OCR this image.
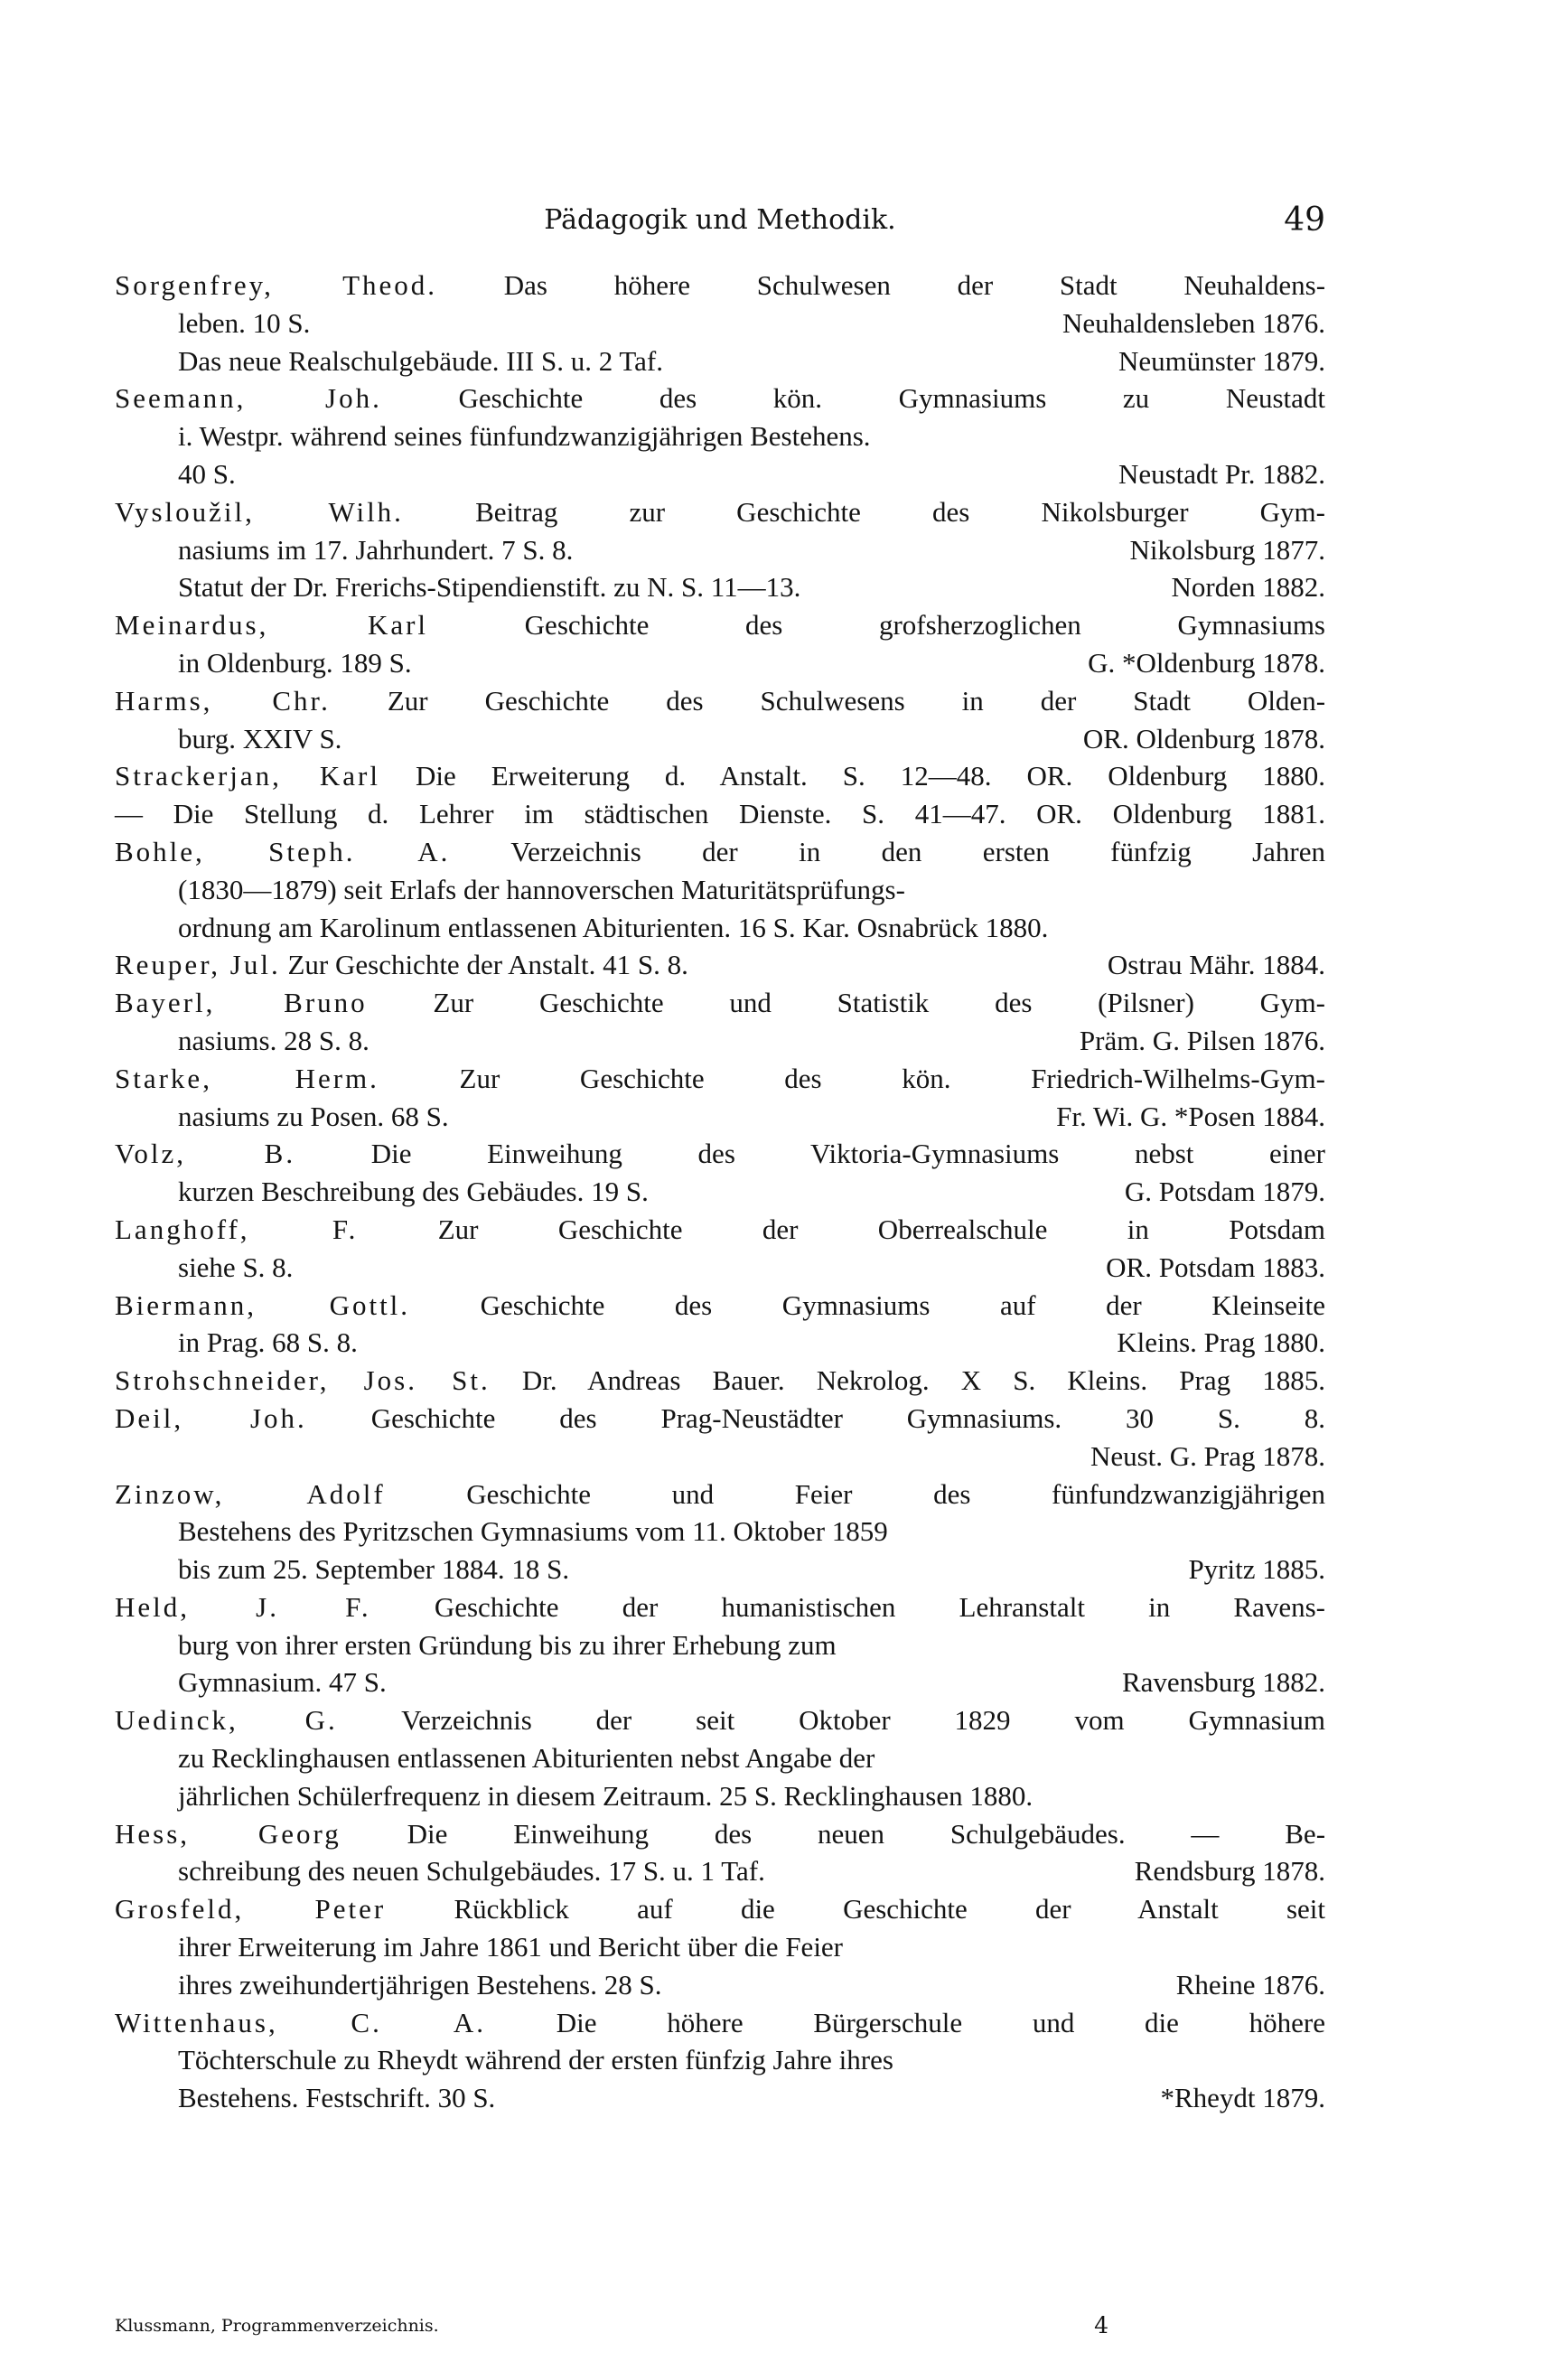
Pädagogik und Methodik.	49
Sorgenfrey, Theod. Das höhere Schulwesen der Stadt Neuhaldens-
leben. 10 S.	Neuhaldensleben 1876.
Das neue Realschulgebäude. III S. u. 2 Taf.	Neumünster 1879.
Seemann, Joh.	Geschichte des kön. Gymnasiums zu Neustadt
i. Westpr. während seines fünfundzwanzigjährigen Bestehens.
40 S.	Neustadt Pr. 1882.
Vysloužil, Wilh.	Beitrag zur Geschichte des Nikolsburger Gym-
nasiums im 17. Jahrhundert. 7 S. 8.	Nikolsburg 1877.
Statut der Dr. Frerichs-Stipendienstift. zu N. S. 11—13.	Norden 1882.
Meinardus, Karl	Geschichte des grofsherzoglichen Gymnasiums
in Oldenburg. 189 S.	G. *Oldenburg 1878.
Harms, Chr. Zur Geschichte des Schulwesens in der Stadt Olden-
burg. XXIV S.	OR. Oldenburg 1878.
Strackerjan, Karl Die Erweiterung d. Anstalt. S. 12—48. OR. Oldenburg 1880.
— Die Stellung d. Lehrer im städtischen Dienste. S. 41—47. OR. Oldenburg 1881.
Bohle, Steph. A. Verzeichnis der in den ersten fünfzig Jahren
(1830—1879) seit Erlafs der hannoverschen Maturitätsprüfungs-
ordnung am Karolinum entlassenen Abiturienten. 16 S. Kar. Osnabrück 1880.
Reuper, Jul. Zur Geschichte der Anstalt. 41 S. 8.	Ostrau Mähr. 1884.
Bayerl, Bruno Zur Geschichte und Statistik des (Pilsner) Gym-
nasiums. 28 S. 8.	Präm. G. Pilsen 1876.
Starke, Herm.	Zur Geschichte des kön. Friedrich-Wilhelms-Gym-
nasiums zu Posen. 68 S.	Fr. Wi. G. *Posen 1884.
Volz, B.	Die Einweihung des Viktoria-Gymnasiums nebst einer
kurzen Beschreibung des Gebäudes. 19 S.	G. Potsdam 1879.
Langhoff, F.	Zur Geschichte der Oberrealschule in Potsdam
siehe S. 8.	OR. Potsdam 1883.
Biermann, Gottl.	Geschichte des Gymnasiums auf der Kleinseite
in Prag. 68 S. 8.	Kleins. Prag 1880.
Strohschneider, Jos. St. Dr. Andreas Bauer. Nekrolog. X S. Kleins. Prag 1885.
Deil, Joh. Geschichte des Prag-Neustädter Gymnasiums. 30 S. 8.
Neust. G. Prag 1878.
Zinzow, Adolf	Geschichte und Feier des fünfundzwanzigjährigen
Bestehens des Pyritzschen Gymnasiums vom 11. Oktober 1859
bis zum 25. September 1884. 18 S.	Pyritz 1885.
Held, J. F. Geschichte der humanistischen Lehranstalt in Ravens-
burg von ihrer ersten Gründung bis zu ihrer Erhebung zum
Gymnasium. 47 S.	Ravensburg 1882.
Uedinck, G. Verzeichnis der seit Oktober 1829 vom Gymnasium
zu Recklinghausen entlassenen Abiturienten nebst Angabe der
jährlichen Schülerfrequenz in diesem Zeitraum. 25 S. Recklinghausen 1880.
Hess, Georg Die Einweihung des neuen Schulgebäudes. — Be-
schreibung des neuen Schulgebäudes. 17 S. u. 1 Taf.	Rendsburg 1878.
Grosfeld, Peter Rückblick auf die Geschichte der Anstalt seit
ihrer Erweiterung im Jahre 1861 und Bericht über die Feier
ihres zweihundertjährigen Bestehens. 28 S.	Rheine 1876.
Wittenhaus, C. A.	Die höhere Bürgerschule und die höhere
Töchterschule zu Rheydt während der ersten fünfzig Jahre ihres
Bestehens. Festschrift. 30 S.	*Rheydt 1879.
Klussmann, Programmenverzeichnis.	4
